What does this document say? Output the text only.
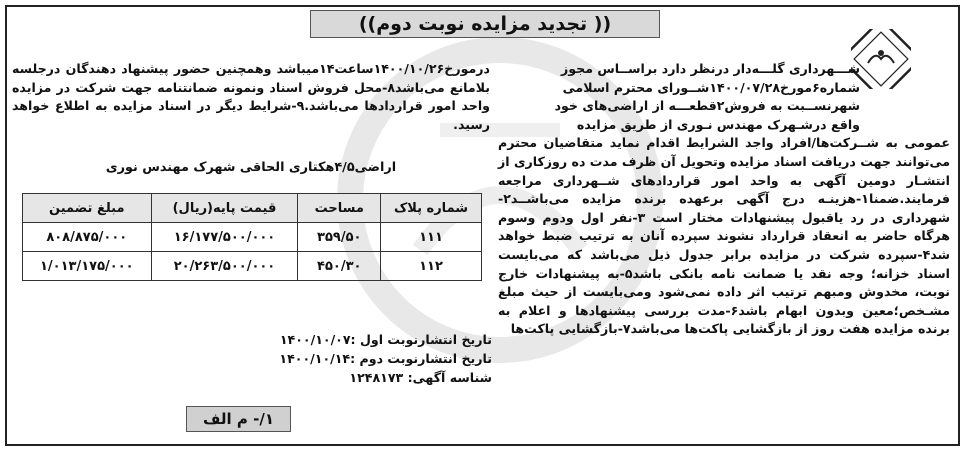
(( تجدید مزایده نوبت دوم))

شـــهرداری گلـــه‌دار درنظر دارد براســاس مجوز

شماره۶مورخ۱۴۰۰/۰۷/۲۸شــورای محترم اسلامی

شهرنســبت به فروش۲قطعـــه از اراضی‌های خود

واقع درشـهرک مهندس نـوری از طریق مزایده

عمومی به شــرکت‌ها/افراد واجد الشرایط اقدام نماید متقاضیان محترم می‌توانند جهت دریافت اسناد مزایده وتحویل آن ظرف مدت ده روزکاری از انتشـار دومین آگهی به واحد امور قراردادهای شــهرداری مراجعه فرمایند.ضمنا۱-هزینـه درج آگهی برعهده برنده مزایده می‌باشــد۲-شهرداری در رد یاقبول پیشنهادات مختار است ۳-نفر اول ودوم وسوم هرگاه حاضر به انعقاد قرارداد نشوند سپرده آنان به ترتیب ضبط خواهد شد۴-سپرده شرکت در مزایده برابر جدول ذیل می‌باشد که می‌بایست اسناد خزانه؛ وجه نقد یا ضمانت نامه بانکی باشد۵-به پیشنهادات خارج نوبت، مخدوش ومبهم ترتیب اثر داده نمی‌شود ومی‌بایست از حیث مبلغ مشـخص؛معین وبدون ابهام باشد۶-مدت بررسی پیشنهادها و اعلام به برنده مزایده هفت روز از بازگشایی پاکت‌ها می‌باشد۷-بازگشایی پاکت‌ها

درمورخ۱۴۰۰/۱۰/۲۶ساعت۱۴میباشد وهمچنین حضور پیشنهاد دهندگان درجلسه بلامانع می‌باشد۸-محل فروش اسناد ونمونه ضمانتنامه جهت شرکت در مزایده واحد امور قراردادها می‌باشد.۹-شرایط دیگر در اسناد مزایده به اطلاع خواهد رسید.

اراضی۴/۵هکتاری الحاقی شهرک مهندس نوری
شماره پلاک	مساحت	قیمت پایه(ریال)	مبلغ تضمین
۱۱۱	۳۵۹/۵۰	۱۶/۱۷۷/۵۰۰/۰۰۰	۸۰۸/۸۷۵/۰۰۰
۱۱۲	۴۵۰/۳۰	۲۰/۲۶۳/۵۰۰/۰۰۰	۱/۰۱۳/۱۷۵/۰۰۰
تاریخ انتشارنوبت اول :۱۴۰۰/۱۰/۰۷
تاریخ انتشارنوبت دوم :۱۴۰۰/۱۰/۱۴
شناسه آگهی: ۱۲۴۸۱۷۳
۱/- م الف
